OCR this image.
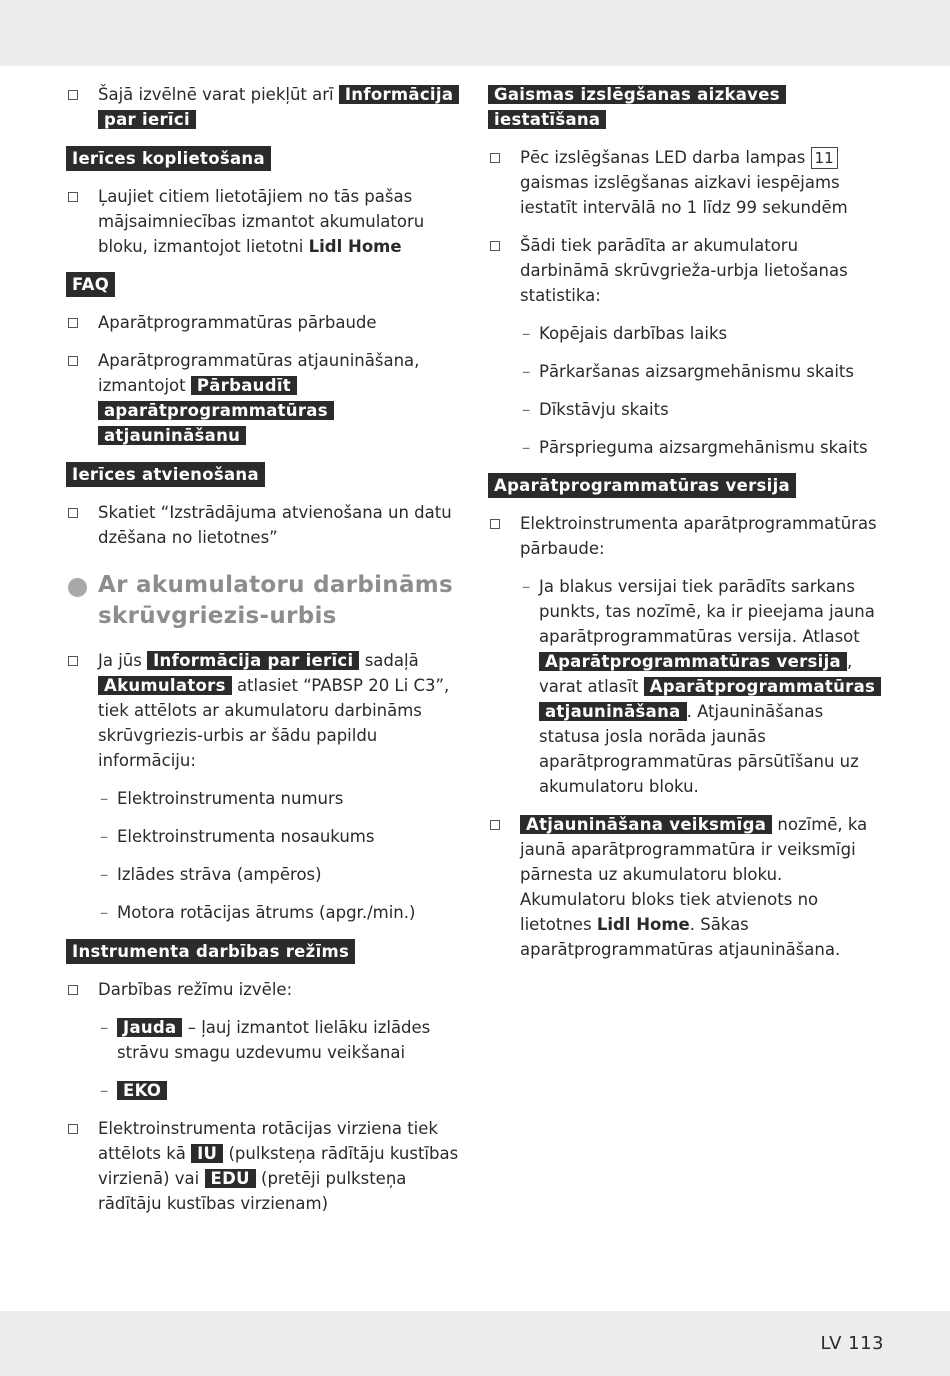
Šajā izvēlnē varat piekļūt arī Informācija par ierīci

Ierīces koplietošana

Ļaujiet citiem lietotājiem no tās pašas mājsaimniecības izmantot akumulatoru bloku, izmantojot lietotni Lidl Home

FAQ

Aparātprogrammatūras pārbaude

Aparātprogrammatūras atjaunināšana, izmantojot Pārbaudīt aparātprogrammatūras atjaunināšanu

Ierīces atvienošana

Skatiet “Izstrādājuma atvienošana un datu dzēšana no lietotnes”

Ar akumulatoru darbināms skrūvgriezis-urbis

Ja jūs Informācija par ierīci sadaļā Akumulators atlasiet “PABSP 20 Li C3”, tiek attēlots ar akumulatoru darbināms skrūvgriezis-urbis ar šādu papildu informāciju:

– Elektroinstrumenta numurs

– Elektroinstrumenta nosaukums

– Izlādes strāva (ampēros)

– Motora rotācijas ātrums (apgr./min.)

Instrumenta darbības režīms

Darbības režīmu izvēle:

– Jauda – ļauj izmantot lielāku izlādes strāvu smagu uzdevumu veikšanai

– EKO

Elektroinstrumenta rotācijas virziena tiek attēlots kā IU (pulksteņa rādītāju kustības virzienā) vai EDU (pretēji pulksteņa rādītāju kustības virzienam)

Gaismas izslēgšanas aizkaves iestatīšana

Pēc izslēgšanas LED darba lampas 11 gaismas izslēgšanas aizkavi iespējams iestatīt intervālā no 1 līdz 99 sekundēm

Šādi tiek parādīta ar akumulatoru darbināmā skrūvgrieža-urbja lietošanas statistika:

– Kopējais darbības laiks

– Pārkaršanas aizsargmehānismu skaits

– Dīkstāvju skaits

– Pārsprieguma aizsargmehānismu skaits

Aparātprogrammatūras versija

Elektroinstrumenta aparātprogrammatūras pārbaude:

– Ja blakus versijai tiek parādīts sarkans punkts, tas nozīmē, ka ir pieejama jauna aparātprogrammatūras versija. Atlasot Aparātprogrammatūras versija , varat atlasīt Aparātprogrammatūras atjaunināšana . Atjaunināšanas statusa josla norāda jaunās aparātprogrammatūras pārsūtīšanu uz akumulatoru bloku.

Atjaunināšana veiksmīga nozīmē, ka jaunā aparātprogrammatūra ir veiksmīgi pārnesta uz akumulatoru bloku. Akumulatoru bloks tiek atvienots no lietotnes Lidl Home. Sākas aparātprogrammatūras atjaunināšana.

LV 113
